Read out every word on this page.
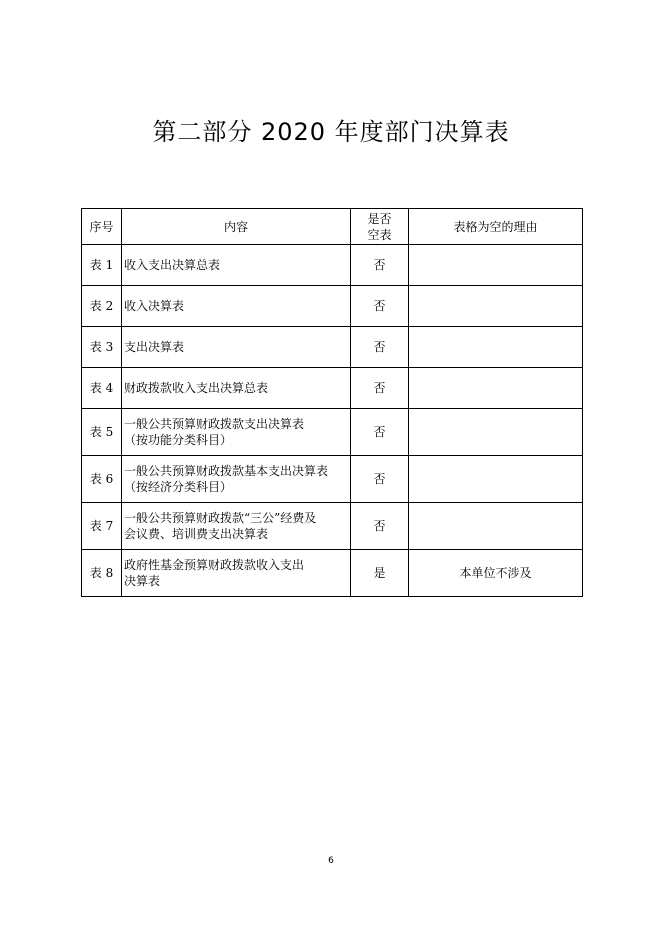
第二部分 2020 年度部门决算表
序号	内容	是否
空表	表格为空的理由
表 1	收入支出决算总表	否	
表 2	收入决算表	否	
表 3	支出决算表	否	
表 4	财政拨款收入支出决算总表	否	
表 5	一般公共预算财政拨款支出决算表
（按功能分类科目）	否	
表 6	一般公共预算财政拨款基本支出决算表
（按经济分类科目）	否	
表 7	一般公共预算财政拨款“三公”经费及
会议费、培训费支出决算表	否	
表 8	政府性基金预算财政拨款收入支出
决算表	是	本单位不涉及
6
